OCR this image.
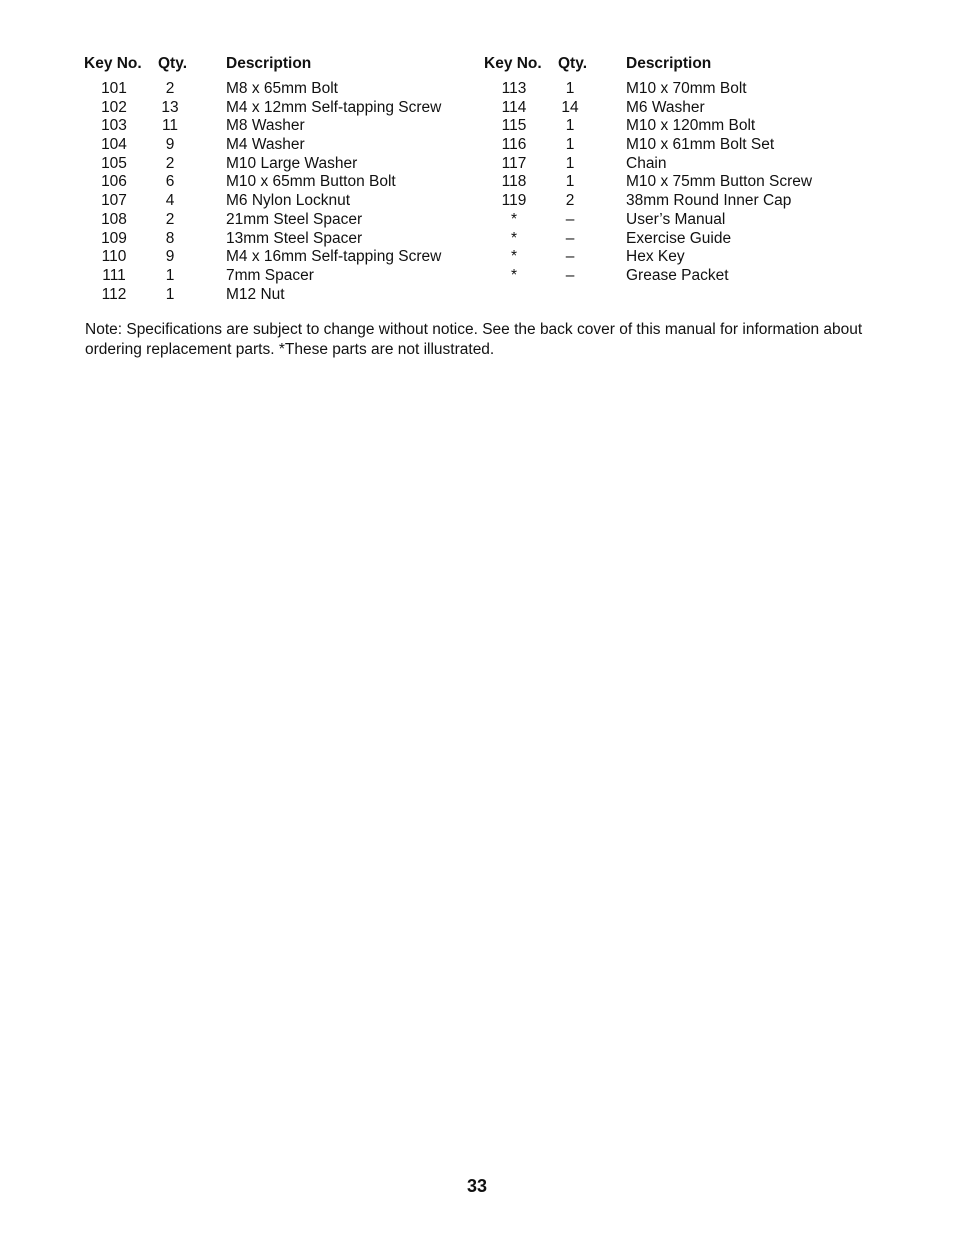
Key No.	Qty.	Description
101	2	M8 x 65mm Bolt
102	13	M4 x 12mm Self-tapping Screw
103	11	M8 Washer
104	9	M4 Washer
105	2	M10 Large Washer
106	6	M10 x 65mm Button Bolt
107	4	M6 Nylon Locknut
108	2	21mm Steel Spacer
109	8	13mm Steel Spacer
110	9	M4 x 16mm Self-tapping Screw
111	1	7mm Spacer
112	1	M12 Nut
Key No.	Qty.	Description
113	1	M10 x 70mm Bolt
114	14	M6 Washer
115	1	M10 x 120mm Bolt
116	1	M10 x 61mm Bolt Set
117	1	Chain
118	1	M10 x 75mm Button Screw
119	2	38mm Round Inner Cap
*	–	User’s Manual
*	–	Exercise Guide
*	–	Hex Key
*	–	Grease Packet
Note: Specifications are subject to change without notice. See the back cover of this manual for information about ordering replacement parts. *These parts are not illustrated.
33
